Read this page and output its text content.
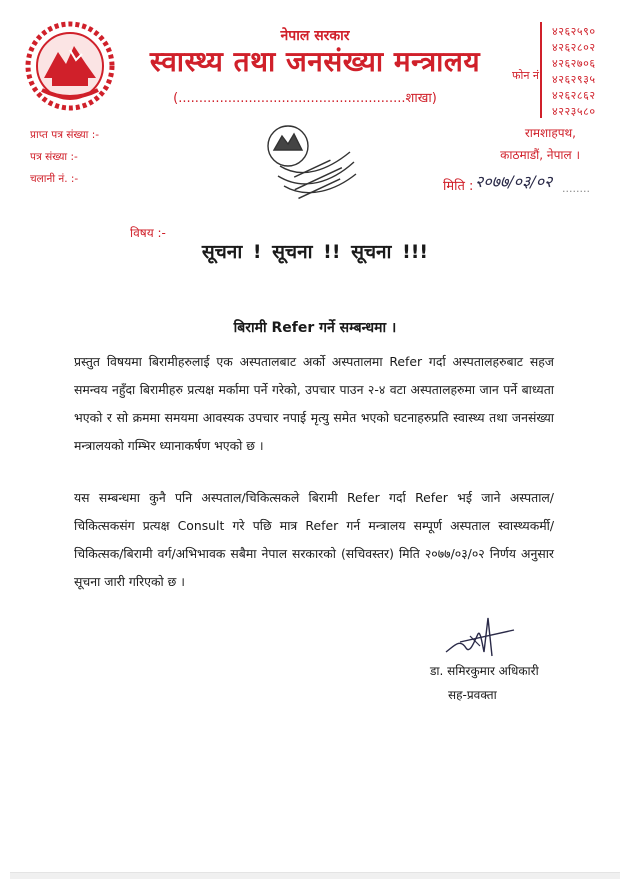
नेपाल सरकार
स्वास्थ्य तथा जनसंख्या मन्त्रालय
(.......................................................शाखा)
फोन नं.
४२६२५९०
४२६२८०२
४२६२७०६
४२६२९३५
४२६२८६२
४२२३५८०
प्राप्त पत्र संख्या :-
पत्र संख्या :-
चलानी नं. :-
रामशाहपथ,
काठमाडौं, नेपाल ।
मिति : २०७७/०३/०२ ........
विषय :-
सूचना ! सूचना !! सूचना !!!
बिरामी Refer गर्ने सम्बन्धमा ।
प्रस्तुत विषयमा बिरामीहरुलाई एक अस्पतालबाट अर्को अस्पतालमा Refer गर्दा अस्पतालहरुबाट सहज समन्वय नहुँदा बिरामीहरु प्रत्यक्ष मर्कामा पर्ने गरेको, उपचार पाउन २-४ वटा अस्पतालहरुमा जान पर्ने बाध्यता भएको र सो क्रममा समयमा आवस्यक उपचार नपाई मृत्यु समेत भएको घटनाहरुप्रति स्वास्थ्य तथा जनसंख्या मन्त्रालयको गम्भिर ध्यानाकर्षण भएको छ ।
यस सम्बन्धमा कुनै पनि अस्पताल/चिकित्सकले बिरामी Refer गर्दा Refer भई जाने अस्पताल/चिकित्सकसंग प्रत्यक्ष Consult गरे पछि मात्र Refer गर्न मन्त्रालय सम्पूर्ण अस्पताल स्वास्थ्यकर्मी/चिकित्सक/बिरामी वर्ग/अभिभावक सबैमा नेपाल सरकारको (सचिवस्तर) मिति २०७७/०३/०२ निर्णय अनुसार सूचना जारी गरिएको छ ।
डा. समिरकुमार अधिकारी
सह-प्रवक्ता
